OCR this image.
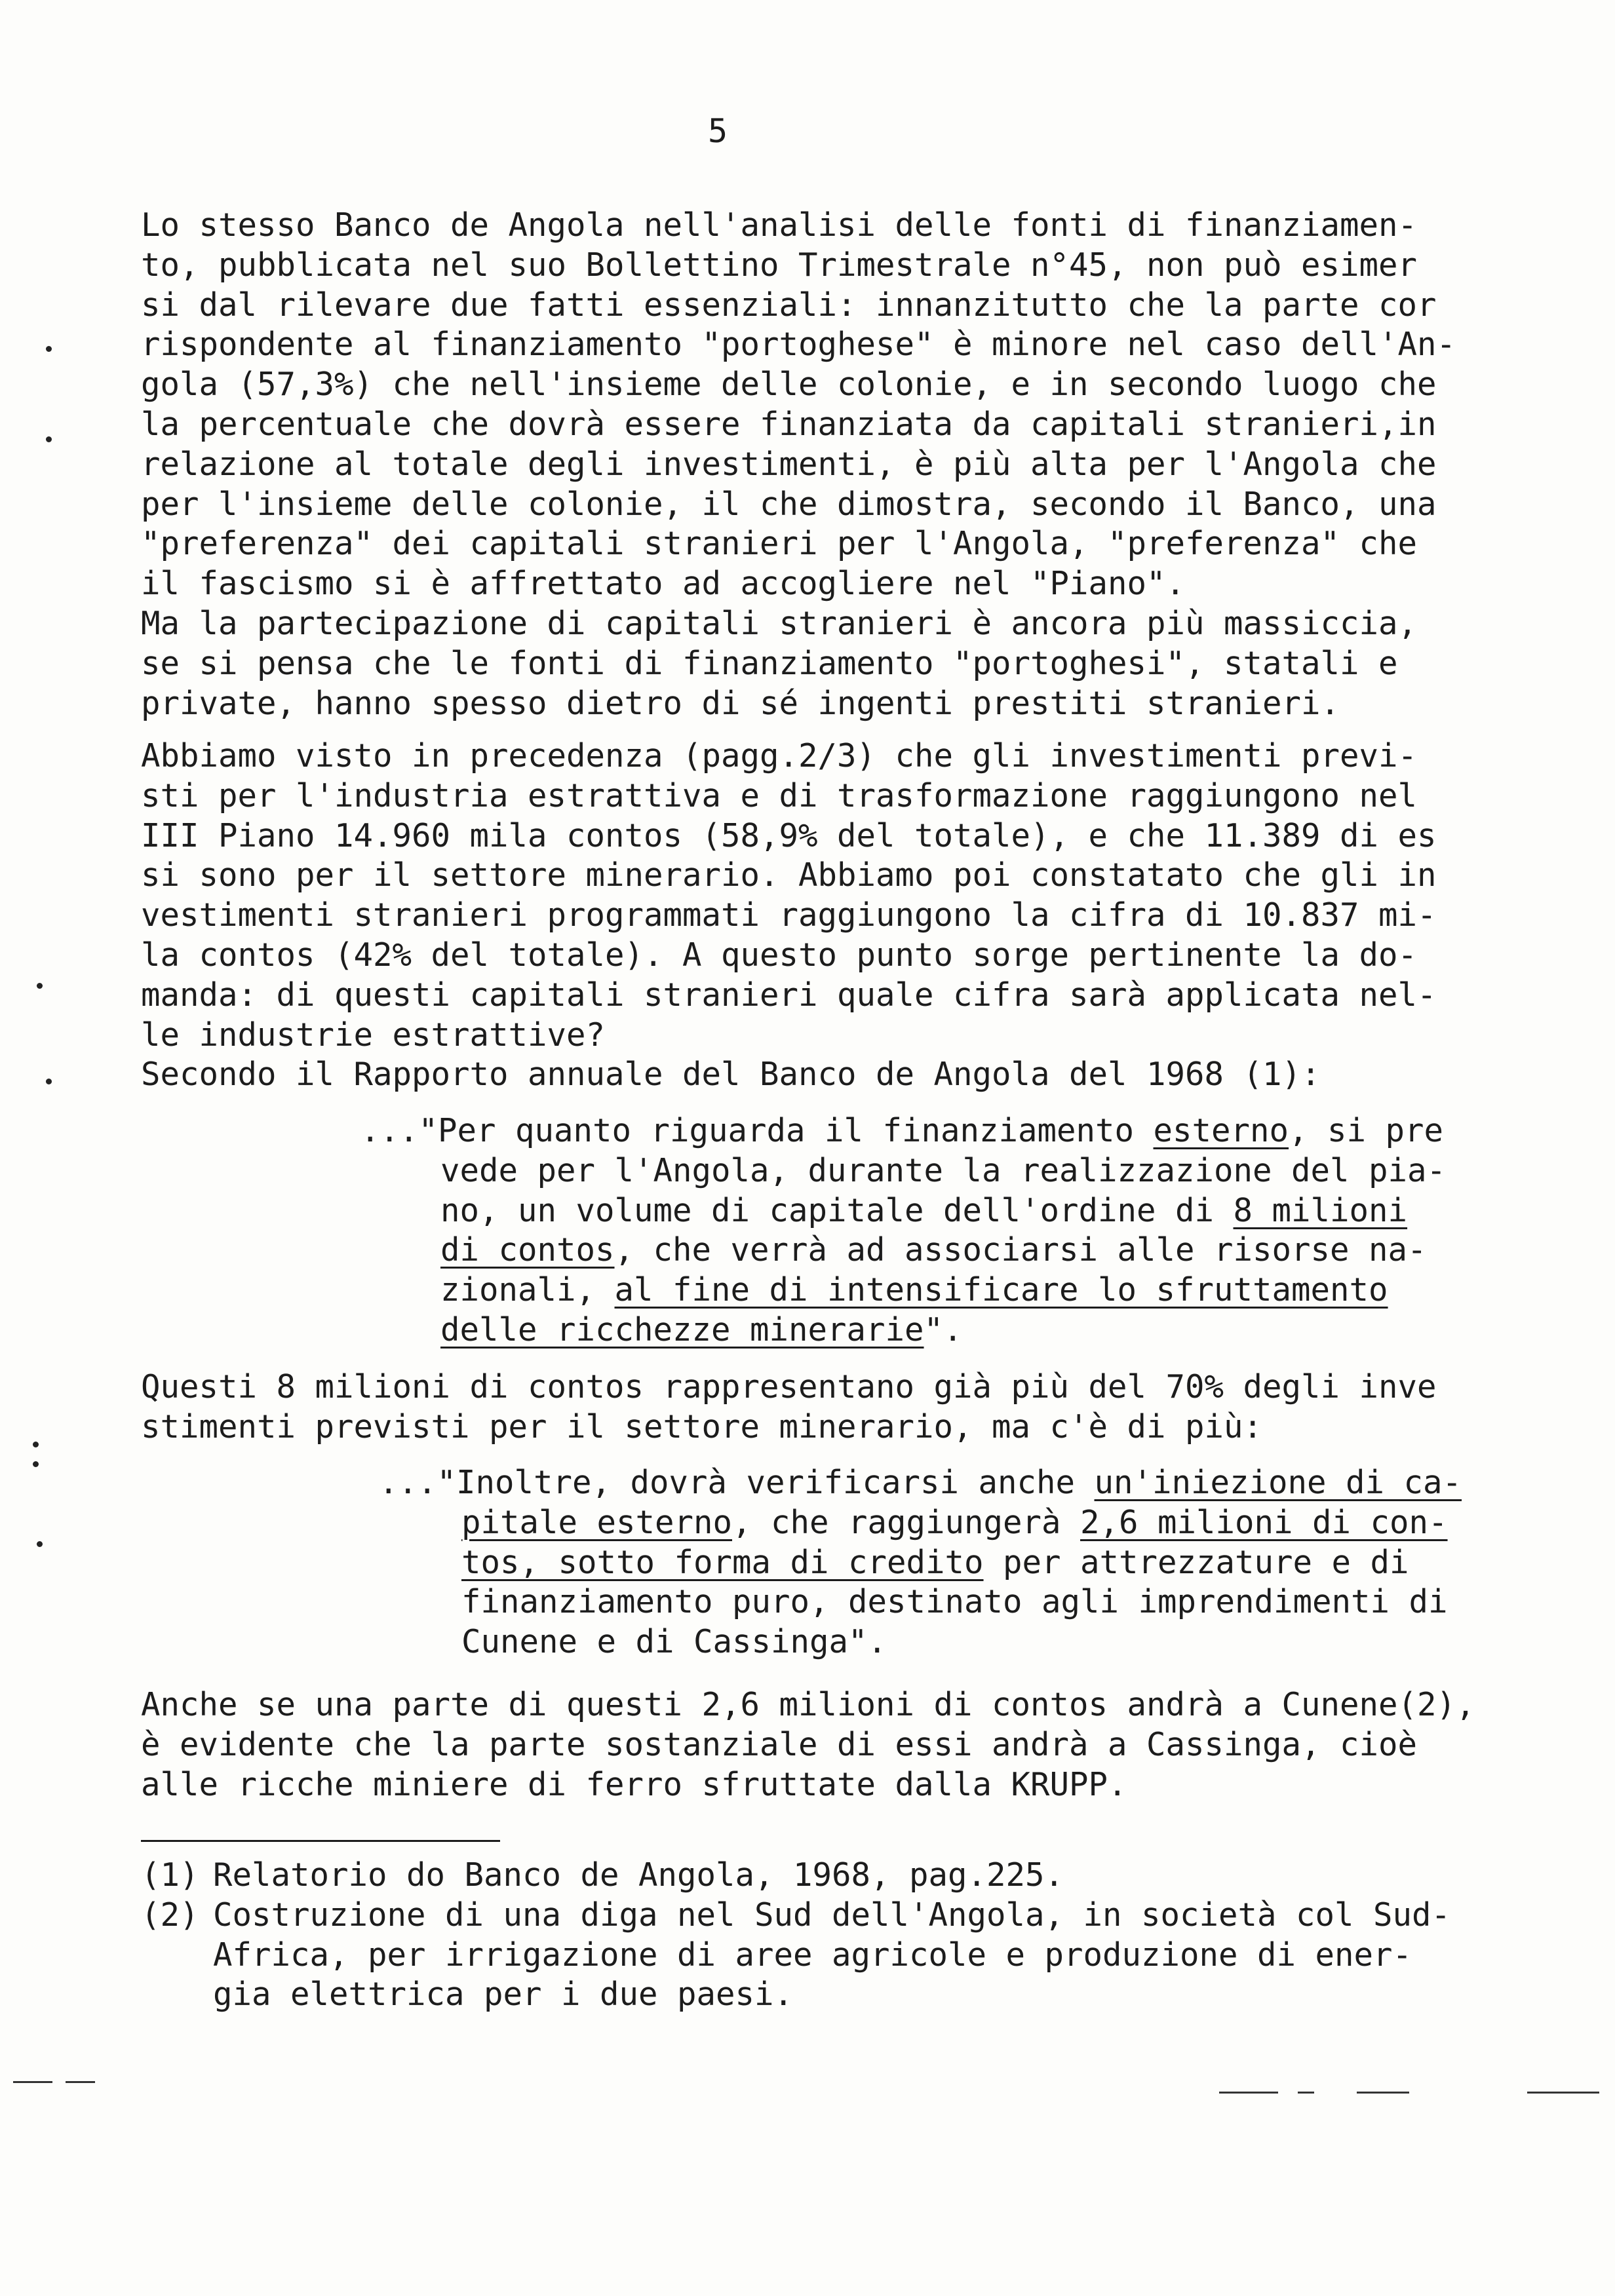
5
Lo stesso Banco de Angola nell'analisi delle fonti di finanziamen-
to, pubblicata nel suo Bollettino Trimestrale n°45, non può esimer
si dal rilevare due fatti essenziali: innanzitutto che la parte cor
rispondente al finanziamento "portoghese" è minore nel caso dell'An-
gola (57,3%) che nell'insieme delle colonie, e in secondo luogo che
la percentuale che dovrà essere finanziata da capitali stranieri,in
relazione al totale degli investimenti, è più alta per l'Angola che
per l'insieme delle colonie, il che dimostra, secondo il Banco, una
"preferenza" dei capitali stranieri per l'Angola, "preferenza" che
il fascismo si è affrettato ad accogliere nel "Piano".
Ma la partecipazione di capitali stranieri è ancora più massiccia,
se si pensa che le fonti di finanziamento "portoghesi", statali e
private, hanno spesso dietro di sé ingenti prestiti stranieri.
Abbiamo visto in precedenza (pagg.2/3) che gli investimenti previ-
sti per l'industria estrattiva e di trasformazione raggiungono nel
III Piano 14.960 mila contos (58,9% del totale), e che 11.389 di es
si sono per il settore minerario. Abbiamo poi constatato che gli in
vestimenti stranieri programmati raggiungono la cifra di 10.837 mi-
la contos (42% del totale). A questo punto sorge pertinente la do-
manda: di questi capitali stranieri quale cifra sarà applicata nel-
le industrie estrattive?
Secondo il Rapporto annuale del Banco de Angola del 1968 (1):
..."Per quanto riguarda il finanziamento esterno, si pre
vede per l'Angola, durante la realizzazione del pia-
no, un volume di capitale dell'ordine di 8 milioni
di contos, che verrà ad associarsi alle risorse na-
zionali, al fine di intensificare lo sfruttamento
delle ricchezze minerarie".
Questi 8 milioni di contos rappresentano già più del 70% degli inve
stimenti previsti per il settore minerario, ma c'è di più:
..."Inoltre, dovrà verificarsi anche un'iniezione di ca-
pitale esterno, che raggiungerà 2,6 milioni di con-
tos, sotto forma di credito per attrezzature e di
finanziamento puro, destinato agli imprendimenti di
Cunene e di Cassinga".
Anche se una parte di questi 2,6 milioni di contos andrà a Cunene(2),
è evidente che la parte sostanziale di essi andrà a Cassinga, cioè
alle ricche miniere di ferro sfruttate dalla KRUPP.
(1) Relatorio do Banco de Angola, 1968, pag.225.
(2) Costruzione di una diga nel Sud dell'Angola, in società col Sud-
Africa, per irrigazione di aree agricole e produzione di ener-
gia elettrica per i due paesi.
